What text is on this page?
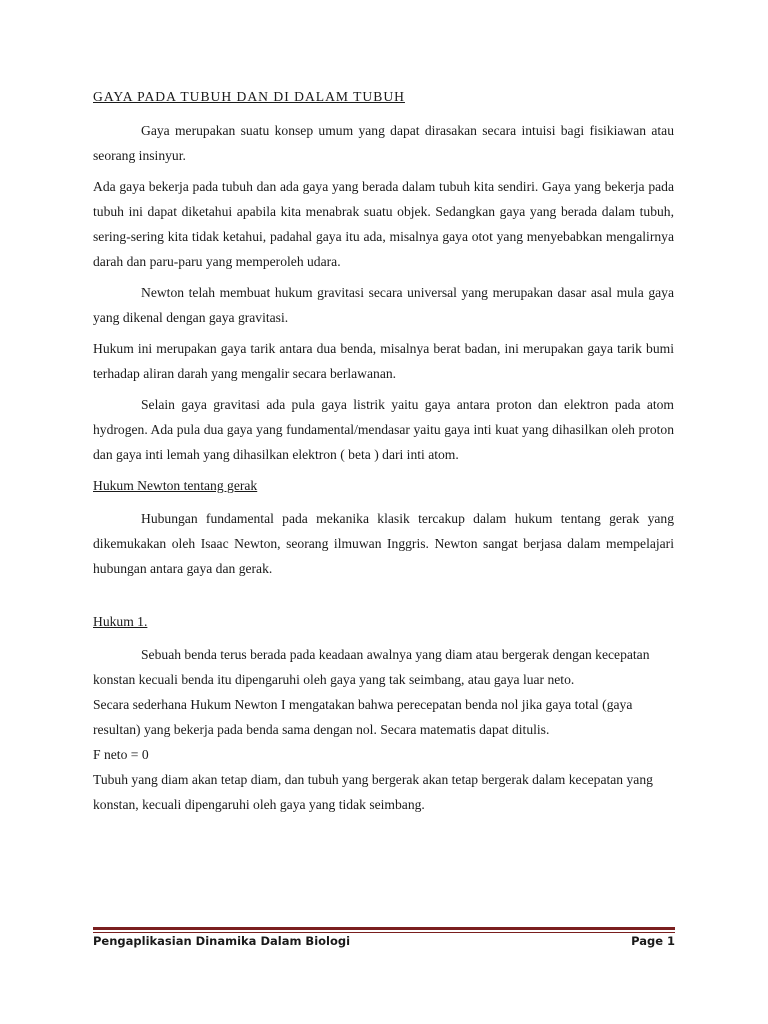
GAYA PADA TUBUH DAN DI DALAM TUBUH

Gaya merupakan suatu konsep umum yang dapat dirasakan secara intuisi bagi fisikiawan atau seorang insinyur.

Ada gaya bekerja pada tubuh dan ada gaya yang berada dalam tubuh kita sendiri. Gaya yang bekerja pada tubuh ini dapat diketahui apabila kita menabrak suatu objek. Sedangkan gaya yang berada dalam tubuh, sering-sering kita tidak ketahui, padahal gaya itu ada, misalnya gaya otot yang menyebabkan mengalirnya darah dan paru-paru yang memperoleh udara.

Newton telah membuat hukum gravitasi secara universal yang merupakan dasar asal mula gaya yang dikenal dengan gaya gravitasi.

Hukum ini merupakan gaya tarik antara dua benda, misalnya berat badan, ini merupakan gaya tarik bumi terhadap aliran darah yang mengalir secara berlawanan.

Selain gaya gravitasi ada pula gaya listrik yaitu gaya antara proton dan elektron pada atom hydrogen. Ada pula dua gaya yang fundamental/mendasar yaitu gaya inti kuat yang dihasilkan oleh proton dan gaya inti lemah yang dihasilkan elektron ( beta ) dari inti atom.

Hukum Newton tentang gerak

Hubungan fundamental pada mekanika klasik tercakup dalam hukum tentang gerak yang dikemukakan oleh Isaac Newton, seorang ilmuwan Inggris. Newton sangat berjasa dalam mempelajari hubungan antara gaya dan gerak.

Hukum 1.

Sebuah benda terus berada pada keadaan awalnya yang diam atau bergerak dengan kecepatan konstan kecuali benda itu dipengaruhi oleh gaya yang tak seimbang, atau gaya luar neto.

Secara sederhana Hukum Newton I mengatakan bahwa perecepatan benda nol jika gaya total (gaya resultan) yang bekerja pada benda sama dengan nol. Secara matematis dapat ditulis.

F neto = 0

Tubuh yang diam akan tetap diam, dan tubuh yang bergerak akan tetap bergerak dalam kecepatan yang konstan, kecuali dipengaruhi oleh gaya yang tidak seimbang.

Pengaplikasian Dinamika Dalam Biologi	Page 1
